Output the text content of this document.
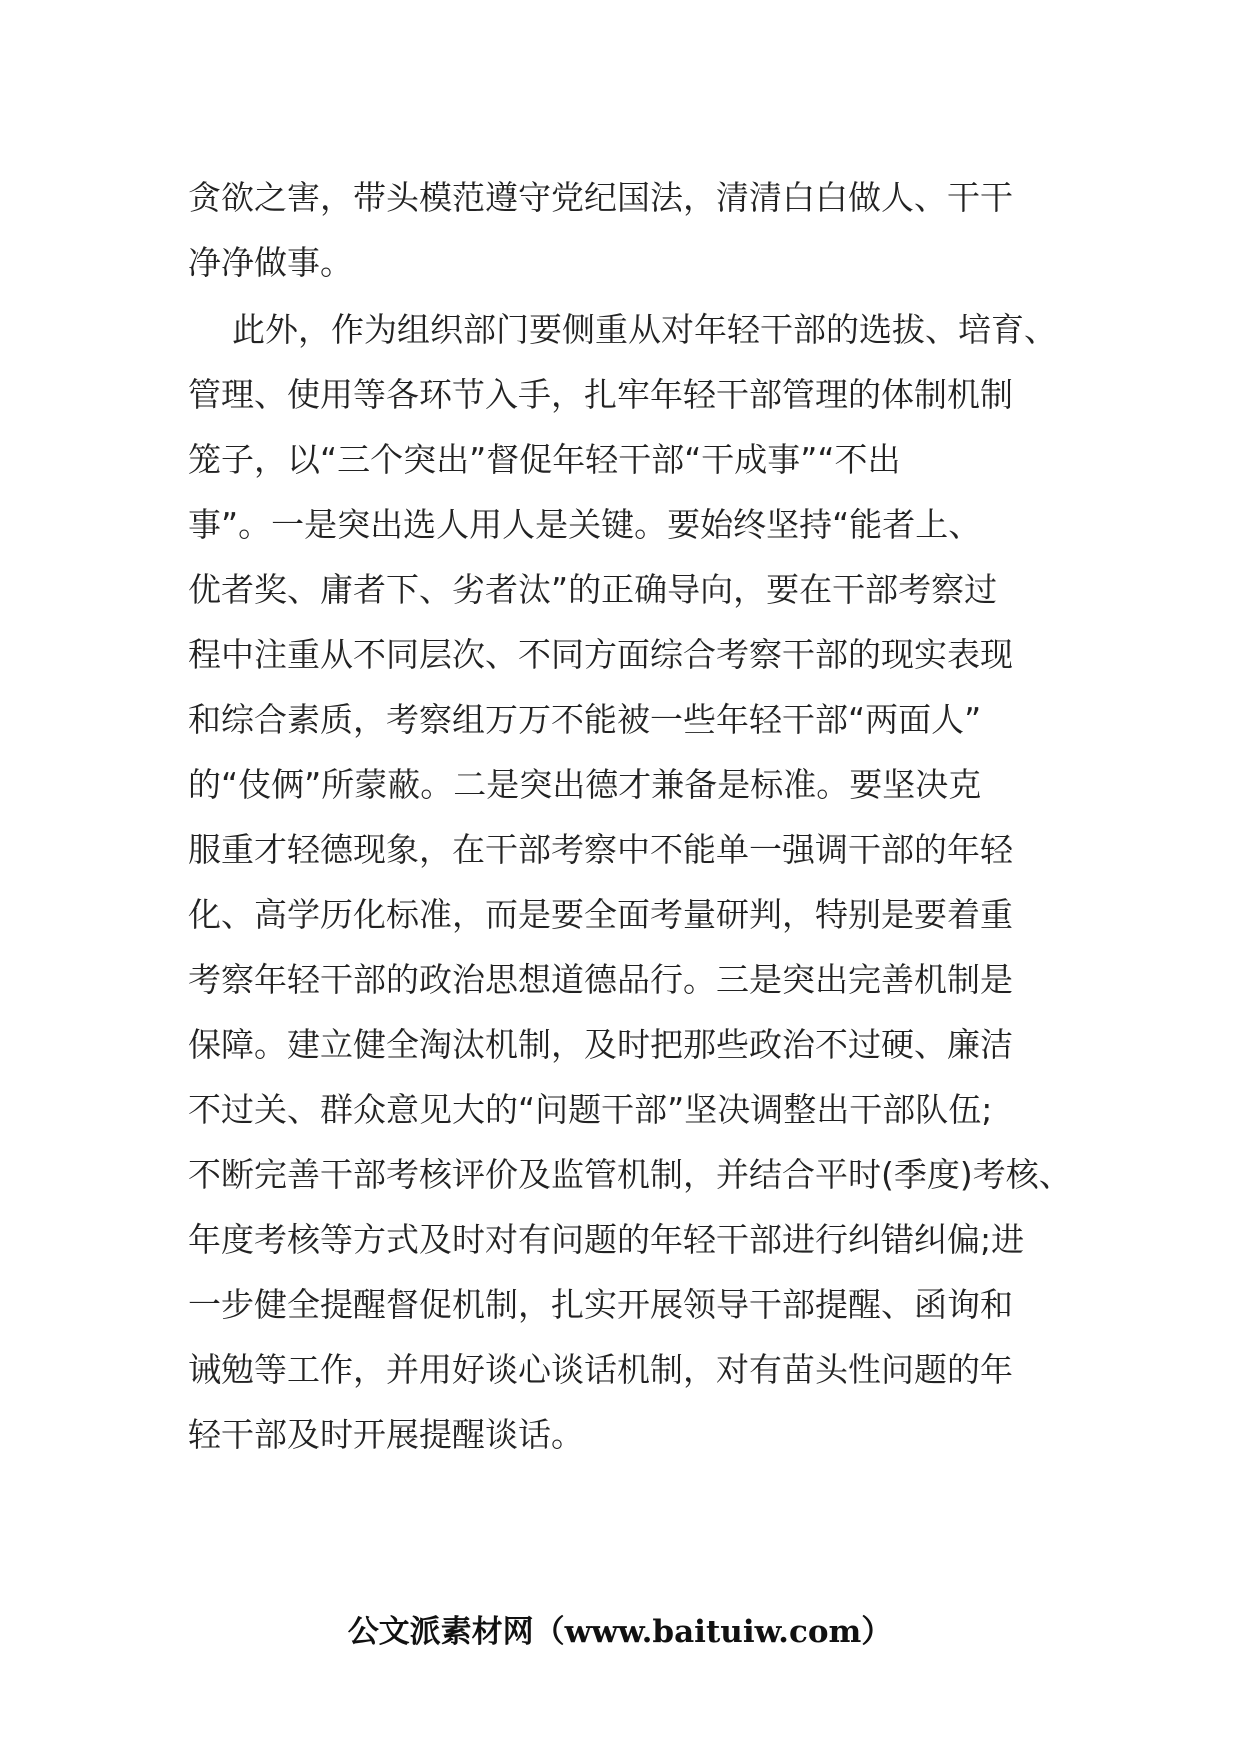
贪欲之害，带头模范遵守党纪国法，清清白白做人、干干
净净做事。
此外，作为组织部门要侧重从对年轻干部的选拔、培育、
管理、使用等各环节入手，扎牢年轻干部管理的体制机制
笼子，以“三个突出”督促年轻干部“干成事”“不出
事”。一是突出选人用人是关键。要始终坚持“能者上、
优者奖、庸者下、劣者汰”的正确导向，要在干部考察过
程中注重从不同层次、不同方面综合考察干部的现实表现
和综合素质，考察组万万不能被一些年轻干部“两面人”
的“伎俩”所蒙蔽。二是突出德才兼备是标准。要坚决克
服重才轻德现象，在干部考察中不能单一强调干部的年轻
化、高学历化标准，而是要全面考量研判，特别是要着重
考察年轻干部的政治思想道德品行。三是突出完善机制是
保障。建立健全淘汰机制，及时把那些政治不过硬、廉洁
不过关、群众意见大的“问题干部”坚决调整出干部队伍;
不断完善干部考核评价及监管机制，并结合平时(季度)考核、
年度考核等方式及时对有问题的年轻干部进行纠错纠偏;进
一步健全提醒督促机制，扎实开展领导干部提醒、函询和
诫勉等工作，并用好谈心谈话机制，对有苗头性问题的年
轻干部及时开展提醒谈话。
公文派素材网（www.baituiw.com）
